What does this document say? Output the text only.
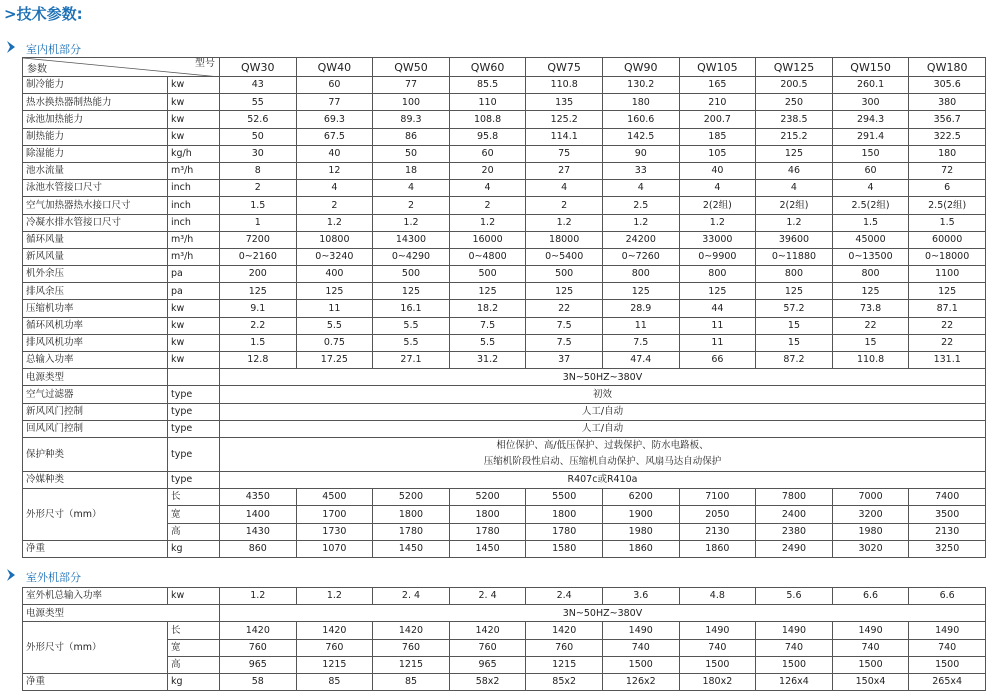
>技术参数:
室内机部分
型号
参数		QW30	QW40	QW50	QW60	QW75	QW90	QW105	QW125	QW150	QW180
制冷能力	kw	43	60	77	85.5	110.8	130.2	165	200.5	260.1	305.6
热水换热器制热能力	kw	55	77	100	110	135	180	210	250	300	380
泳池加热能力	kw	52.6	69.3	89.3	108.8	125.2	160.6	200.7	238.5	294.3	356.7
制热能力	kw	50	67.5	86	95.8	114.1	142.5	185	215.2	291.4	322.5
除湿能力	kg/h	30	40	50	60	75	90	105	125	150	180
池水流量	m³/h	8	12	18	20	27	33	40	46	60	72
泳池水管接口尺寸	inch	2	4	4	4	4	4	4	4	4	6
空气加热器热水接口尺寸	inch	1.5	2	2	2	2	2.5	2(2组)	2(2组)	2.5(2组)	2.5(2组)
冷凝水排水管接口尺寸	inch	1	1.2	1.2	1.2	1.2	1.2	1.2	1.2	1.5	1.5
循环风量	m³/h	7200	10800	14300	16000	18000	24200	33000	39600	45000	60000
新风风量	m³/h	0~2160	0~3240	0~4290	0~4800	0~5400	0~7260	0~9900	0~11880	0~13500	0~18000
机外余压	pa	200	400	500	500	500	800	800	800	800	1100
排风余压	pa	125	125	125	125	125	125	125	125	125	125
压缩机功率	kw	9.1	11	16.1	18.2	22	28.9	44	57.2	73.8	87.1
循环风机功率	kw	2.2	5.5	5.5	7.5	7.5	11	11	15	22	22
排风风机功率	kw	1.5	0.75	5.5	5.5	7.5	7.5	11	15	15	22
总输入功率	kw	12.8	17.25	27.1	31.2	37	47.4	66	87.2	110.8	131.1
电源类型		3N~50HZ~380V									
空气过滤器	type	初效									
新风风门控制	type	人工/自动									
回风风门控制	type	人工/自动									
保护种类	type	相位保护、高/低压保护、过载保护、防水电路板、
压缩机阶段性启动、压缩机自动保护、风扇马达自动保护									

冷媒种类	type	R407c或R410a									
外形尺寸（mm）	长	4350	4500	5200	5200	5500	6200	7100	7800	7000	7400
	宽	1400	1700	1800	1800	1800	1900	2050	2400	3200	3500
	高	1430	1730	1780	1780	1780	1980	2130	2380	1980	2130
净重	kg	860	1070	1450	1450	1580	1860	1860	2490	3020	3250
室外机部分
室外机总输入功率	kw	1.2	1.2	2. 4	2. 4	2.4	3.6	4.8	5.6	6.6	6.6
电源类型		3N~50HZ~380V									
外形尺寸（mm）	长	1420	1420	1420	1420	1420	1490	1490	1490	1490	1490
	宽	760	760	760	760	760	740	740	740	740	740
	高	965	1215	1215	965	1215	1500	1500	1500	1500	1500
净重	kg	58	85	85	58x2	85x2	126x2	180x2	126x4	150x4	265x4
